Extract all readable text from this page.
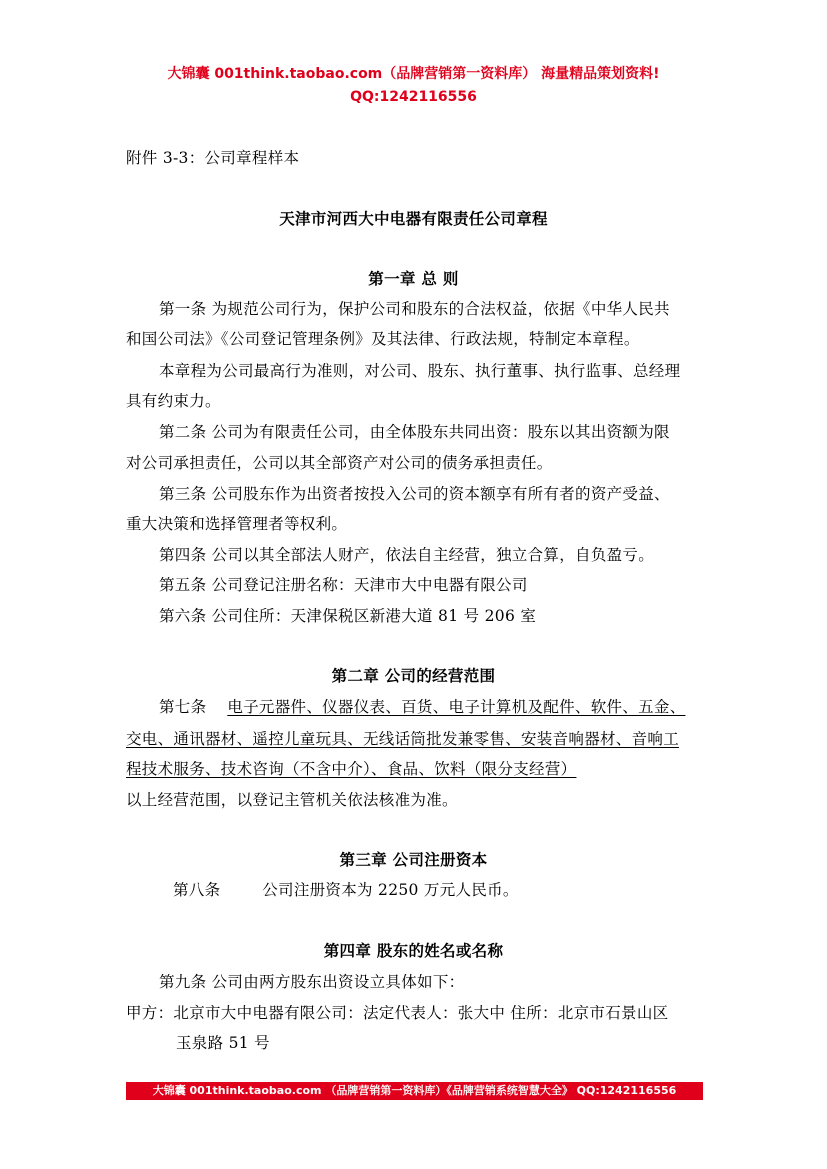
大锦囊 001think.taobao.com（品牌营销第一资料库） 海量精品策划资料!
QQ:1242116556
附件 3-3：公司章程样本
天津市河西大中电器有限责任公司章程
第一章 总 则
第一条 为规范公司行为，保护公司和股东的合法权益，依据《中华人民共
和国公司法》《公司登记管理条例》及其法律、行政法规，特制定本章程。
本章程为公司最高行为准则，对公司、股东、执行董事、执行监事、总经理
具有约束力。
第二条 公司为有限责任公司，由全体股东共同出资：股东以其出资额为限
对公司承担责任，公司以其全部资产对公司的债务承担责任。
第三条 公司股东作为出资者按投入公司的资本额享有所有者的资产受益、
重大决策和选择管理者等权利。
第四条 公司以其全部法人财产，依法自主经营，独立合算，自负盈亏。
第五条 公司登记注册名称：天津市大中电器有限公司
第六条 公司住所：天津保税区新港大道 81 号 206 室
第二章 公司的经营范围
第七条    电子元器件、仪器仪表、百货、电子计算机及配件、软件、五金、
交电、通讯器材、遥控儿童玩具、无线话筒批发兼零售、安装音响器材、音响工
程技术服务、技术咨询（不含中介）、食品、饮料（限分支经营）
以上经营范围，以登记主管机关依法核准为准。
第三章 公司注册资本
第八条        公司注册资本为 2250 万元人民币。
第四章 股东的姓名或名称
第九条 公司由两方股东出资设立具体如下：
甲方：北京市大中电器有限公司：法定代表人：张大中 住所：北京市石景山区
玉泉路 51 号
大锦囊 001think.taobao.com （品牌营销第一资料库）《品牌营销系统智慧大全》 QQ:1242116556
